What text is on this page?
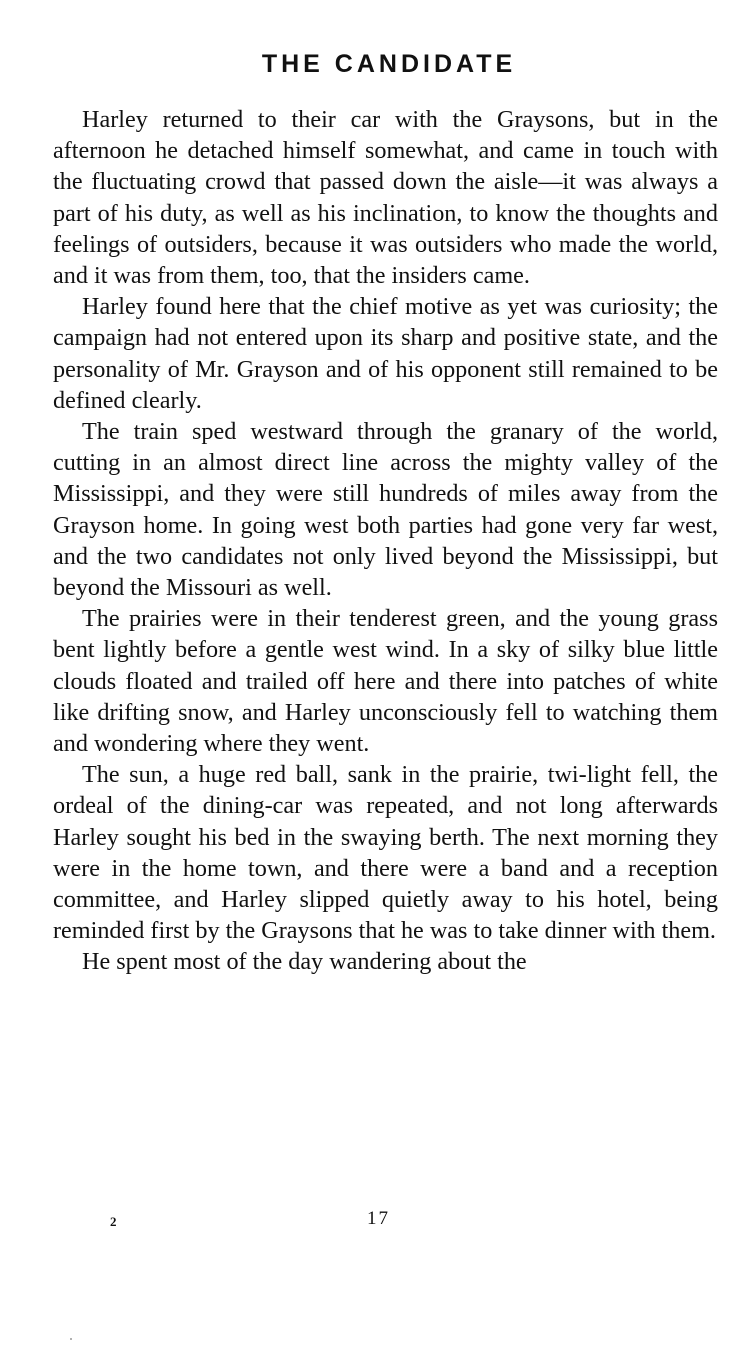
THE CANDIDATE

Harley returned to their car with the Graysons, but in the afternoon he detached himself somewhat, and came in touch with the fluctuating crowd that passed down the aisle—it was always a part of his duty, as well as his inclination, to know the thoughts and feelings of outsiders, because it was outsiders who made the world, and it was from them, too, that the insiders came.

Harley found here that the chief motive as yet was curiosity; the campaign had not entered upon its sharp and positive state, and the personality of Mr. Grayson and of his opponent still remained to be defined clearly.

The train sped westward through the granary of the world, cutting in an almost direct line across the mighty valley of the Mississippi, and they were still hundreds of miles away from the Grayson home. In going west both parties had gone very far west, and the two candidates not only lived beyond the Mississippi, but beyond the Missouri as well.

The prairies were in their tenderest green, and the young grass bent lightly before a gentle west wind. In a sky of silky blue little clouds floated and trailed off here and there into patches of white like drifting snow, and Harley unconsciously fell to watching them and wondering where they went.

The sun, a huge red ball, sank in the prairie, twi-light fell, the ordeal of the dining-car was repeated, and not long afterwards Harley sought his bed in the swaying berth. The next morning they were in the home town, and there were a band and a reception committee, and Harley slipped quietly away to his hotel, being reminded first by the Graysons that he was to take dinner with them.

He spent most of the day wandering about the

2	17
